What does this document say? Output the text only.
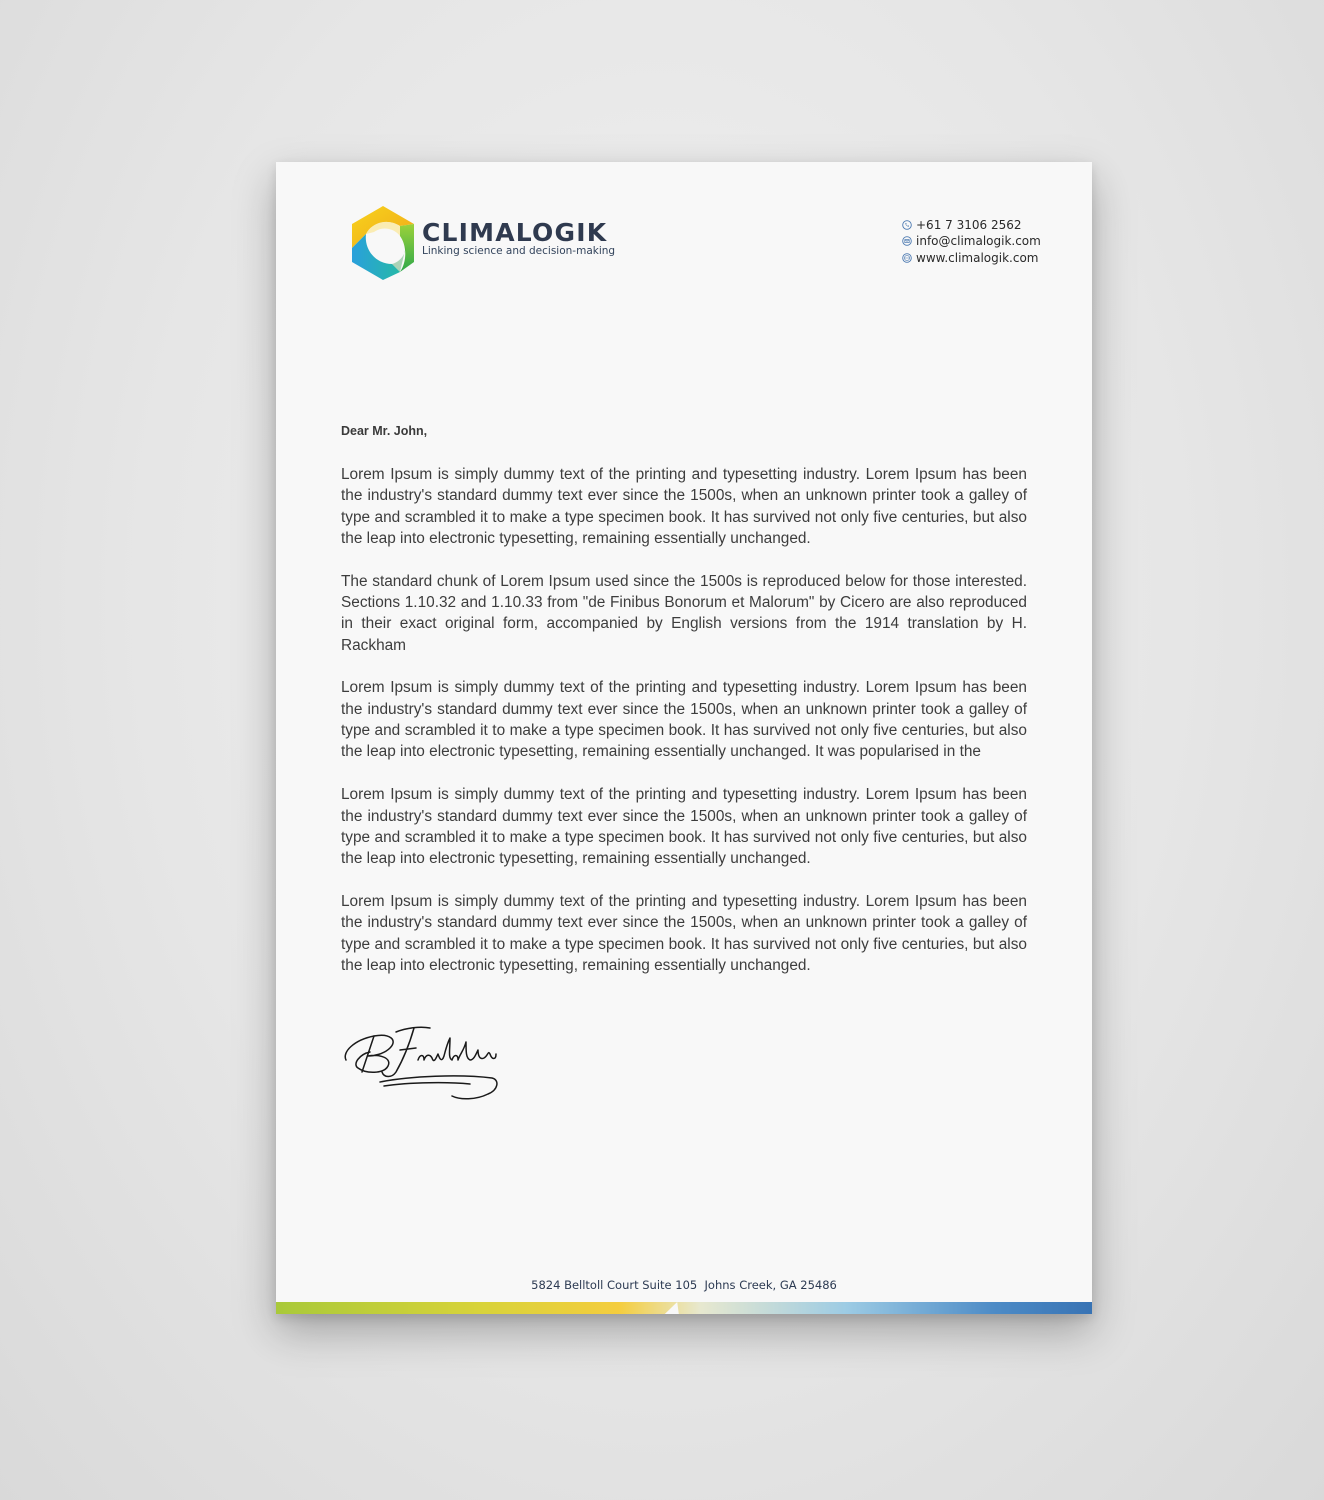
CLIMALOGIK
Linking science and decision-making
+61 7 3106 2562
info@climalogik.com
www.climalogik.com
Dear Mr. John,

Lorem Ipsum is simply dummy text of the printing and typesetting industry. Lorem Ipsum has been the industry's standard dummy text ever since the 1500s, when an unknown printer took a galley of type and scrambled it to make a type specimen book. It has survived not only five centuries, but also the leap into electronic typesetting, remaining essentially unchanged.

The standard chunk of Lorem Ipsum used since the 1500s is reproduced below for those interested. Sections 1.10.32 and 1.10.33 from "de Finibus Bonorum et Malorum" by Cicero are also reproduced in their exact original form, accompanied by English versions from the 1914 translation by H. Rackham

Lorem Ipsum is simply dummy text of the printing and typesetting industry. Lorem Ipsum has been the industry's standard dummy text ever since the 1500s, when an unknown printer took a galley of type and scrambled it to make a type specimen book. It has survived not only five centuries, but also the leap into electronic typesetting, remaining essentially unchanged. It was popularised in the

Lorem Ipsum is simply dummy text of the printing and typesetting industry. Lorem Ipsum has been the industry's standard dummy text ever since the 1500s, when an unknown printer took a galley of type and scrambled it to make a type specimen book. It has survived not only five centuries, but also the leap into electronic typesetting, remaining essentially unchanged.

Lorem Ipsum is simply dummy text of the printing and typesetting industry. Lorem Ipsum has been the industry's standard dummy text ever since the 1500s, when an unknown printer took a galley of type and scrambled it to make a type specimen book. It has survived not only five centuries, but also the leap into electronic typesetting, remaining essentially unchanged.

5824 Belltoll Court Suite 105  Johns Creek, GA 25486
